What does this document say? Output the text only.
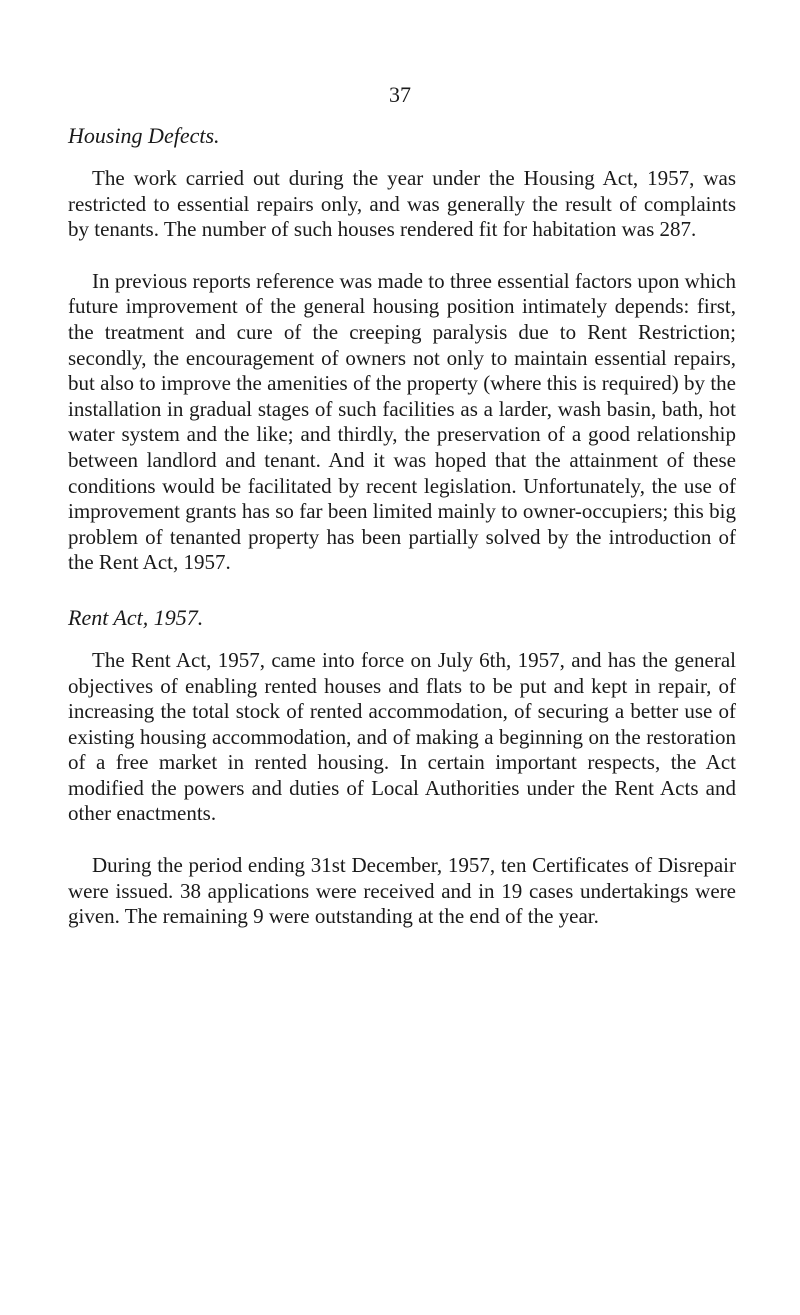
37
Housing Defects.

The work carried out during the year under the Housing Act, 1957, was restricted to essential repairs only, and was generally the result of complaints by tenants. The number of such houses rendered fit for habitation was 287.

In previous reports reference was made to three essential factors upon which future improvement of the general housing position intimately depends: first, the treatment and cure of the creeping paralysis due to Rent Restriction; secondly, the encouragement of owners not only to maintain essential repairs, but also to improve the amenities of the property (where this is required) by the installation in gradual stages of such facilities as a larder, wash basin, bath, hot water system and the like; and thirdly, the preservation of a good relationship between landlord and tenant. And it was hoped that the attainment of these conditions would be facilitated by recent legislation. Unfortunately, the use of improvement grants has so far been limited mainly to owner-occupiers; this big problem of tenanted property has been partially solved by the introduction of the Rent Act, 1957.

Rent Act, 1957.

The Rent Act, 1957, came into force on July 6th, 1957, and has the general objectives of enabling rented houses and flats to be put and kept in repair, of increasing the total stock of rented accommodation, of securing a better use of existing housing accommodation, and of making a beginning on the restoration of a free market in rented housing. In certain important respects, the Act modified the powers and duties of Local Authorities under the Rent Acts and other enactments.

During the period ending 31st December, 1957, ten Certificates of Disrepair were issued. 38 applications were received and in 19 cases undertakings were given. The remaining 9 were outstanding at the end of the year.
